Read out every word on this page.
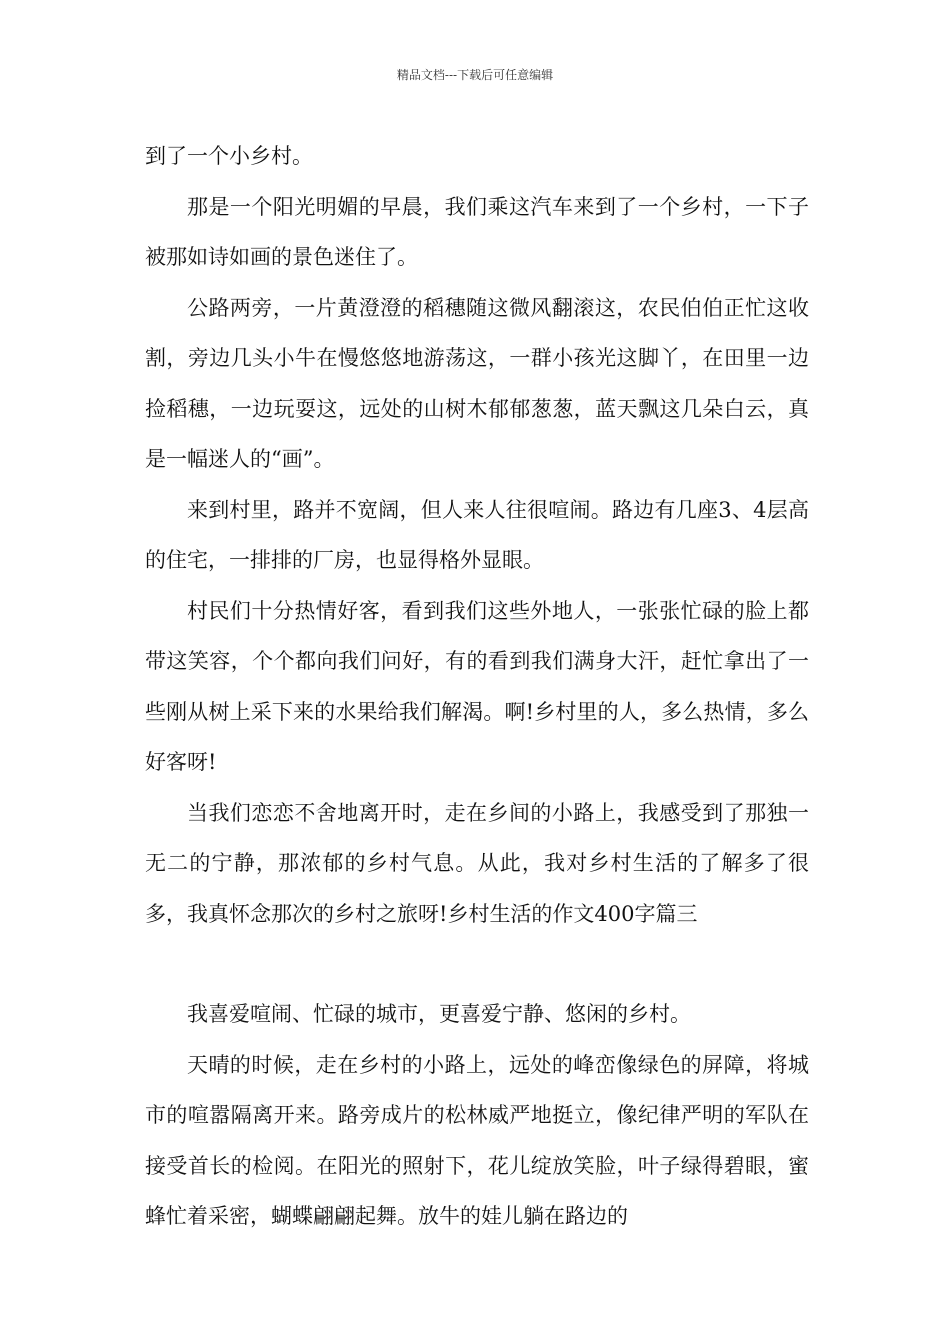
精品文档---下载后可任意编辑

到了一个小乡村。

那是一个阳光明媚的早晨，我们乘这汽车来到了一个乡村，一下子被那如诗如画的景色迷住了。

公路两旁，一片黄澄澄的稻穗随这微风翻滚这，农民伯伯正忙这收割，旁边几头小牛在慢悠悠地游荡这，一群小孩光这脚丫，在田里一边捡稻穗，一边玩耍这，远处的山树木郁郁葱葱，蓝天飘这几朵白云，真是一幅迷人的“画”。

来到村里，路并不宽阔，但人来人往很喧闹。路边有几座3、4层高的住宅，一排排的厂房，也显得格外显眼。

村民们十分热情好客，看到我们这些外地人，一张张忙碌的脸上都带这笑容，个个都向我们问好，有的看到我们满身大汗，赶忙拿出了一些刚从树上采下来的水果给我们解渴。啊!乡村里的人，多么热情，多么好客呀!

当我们恋恋不舍地离开时，走在乡间的小路上，我感受到了那独一无二的宁静，那浓郁的乡村气息。从此，我对乡村生活的了解多了很多，我真怀念那次的乡村之旅呀!乡村生活的作文400字篇三

我喜爱喧闹、忙碌的城市，更喜爱宁静、悠闲的乡村。

天晴的时候，走在乡村的小路上，远处的峰峦像绿色的屏障，将城市的喧嚣隔离开来。路旁成片的松林威严地挺立，像纪律严明的军队在接受首长的检阅。在阳光的照射下，花儿绽放笑脸，叶子绿得碧眼，蜜蜂忙着采密，蝴蝶翩翩起舞。放牛的娃儿躺在路边的
